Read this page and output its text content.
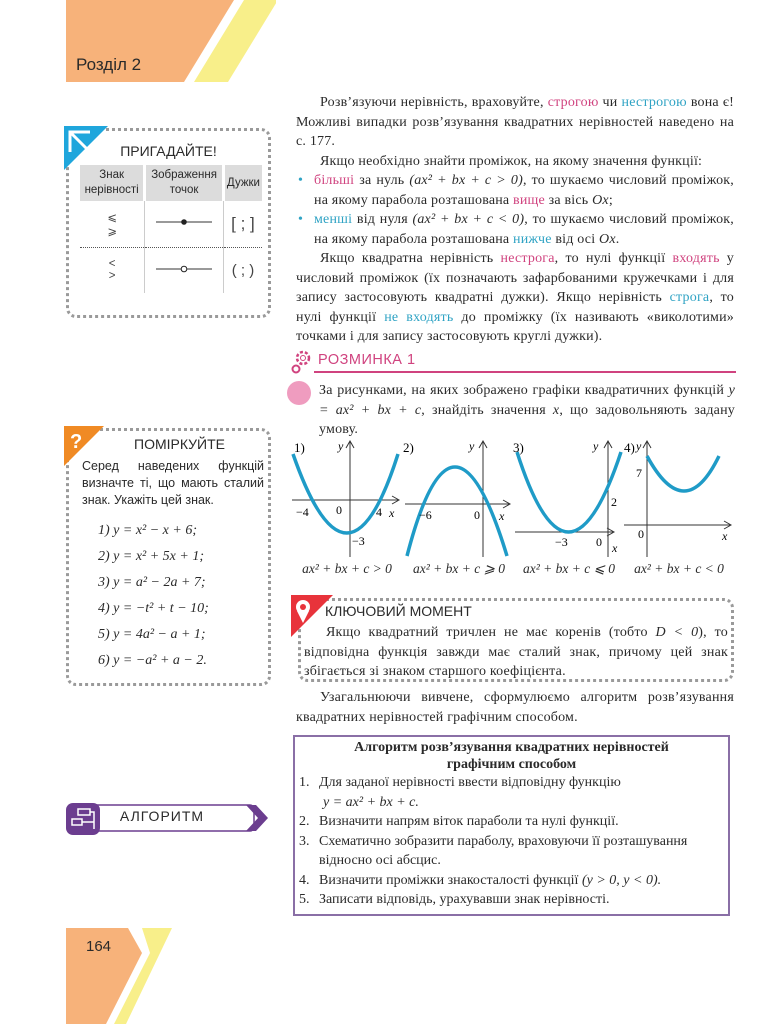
Розділ 2

Розв’язуючи нерівність, враховуйте, строгою чи нестрогою вона є! Можливі випадки розв’язування квадратних нерівностей наведено на с. 177.

Якщо необхідно знайти проміжок, на якому значення функції:

• більші за нуль (ax² + bx + c > 0), то шукаємо числовий проміжок, на якому парабола розташована вище за вісь Ox;

• менші від нуля (ax² + bx + c < 0), то шукаємо числовий проміжок, на якому парабола розташована нижче від осі Ox.

Якщо квадратна нерівність нестрога, то нулі функції входять у числовий проміжок (їх позначають зафарбованими кружечками і для запису застосовують квадратні дужки). Якщо нерівність строга, то нулі функції не входять до проміжку (їх називають «виколотими» точками і для запису застосовують круглі дужки).

ПРИГАДАЙТЕ!
Знак нерівності	Зображення точок	Дужки

⩽
⩾		[ ; ]

<
>		( ; )
?	ПОМІРКУЙТЕ
Серед наведених функцій визначте ті, що мають сталий знак. Укажіть цей знак.
1) y = x² − x + 6;
2) y = x² + 5x + 1;
3) y = a² − 2a + 7;
4) y = −t² + t − 10;
5) y = 4a² − a + 1;
6) y = −a² + a − 2.
РОЗМИНКА 1
За рисунками, на яких зображено графіки квадратичних функцій y = ax² + bx + c, знайдіть значення x, що задовольняють задану умову.
1)	y
−4 0	4
−3
x
2)	y
−6	0 x
3)	y
2
−3 0 x
4) y
7
0	x
ax² + bx + c > 0	ax² + bx + c ⩾ 0	ax² + bx + c ⩽ 0	ax² + bx + c < 0
КЛЮЧОВИЙ МОМЕНТ
Якщо квадратний тричлен не має коренів (тобто D < 0), то відповідна функція завжди має сталий знак, причому цей знак збігається зі знаком старшого коефіцієнта.
Узагальнюючи вивчене, сформулюємо алгоритм розв’язування квадратних нерівностей графічним способом.
АЛГОРИТМ
Алгоритм розв’язування квадратних нерівностей графічним способом
1. Для заданої нерівності ввести відповідну функцію
y = ax² + bx + c.
2. Визначити напрям віток параболи та нулі функції.
3. Схематично зобразити параболу, враховуючи її розташування відносно осі абсцис.
4. Визначити проміжки знакосталості функції (y > 0, y < 0).
5. Записати відповідь, урахувавши знак нерівності.
164
